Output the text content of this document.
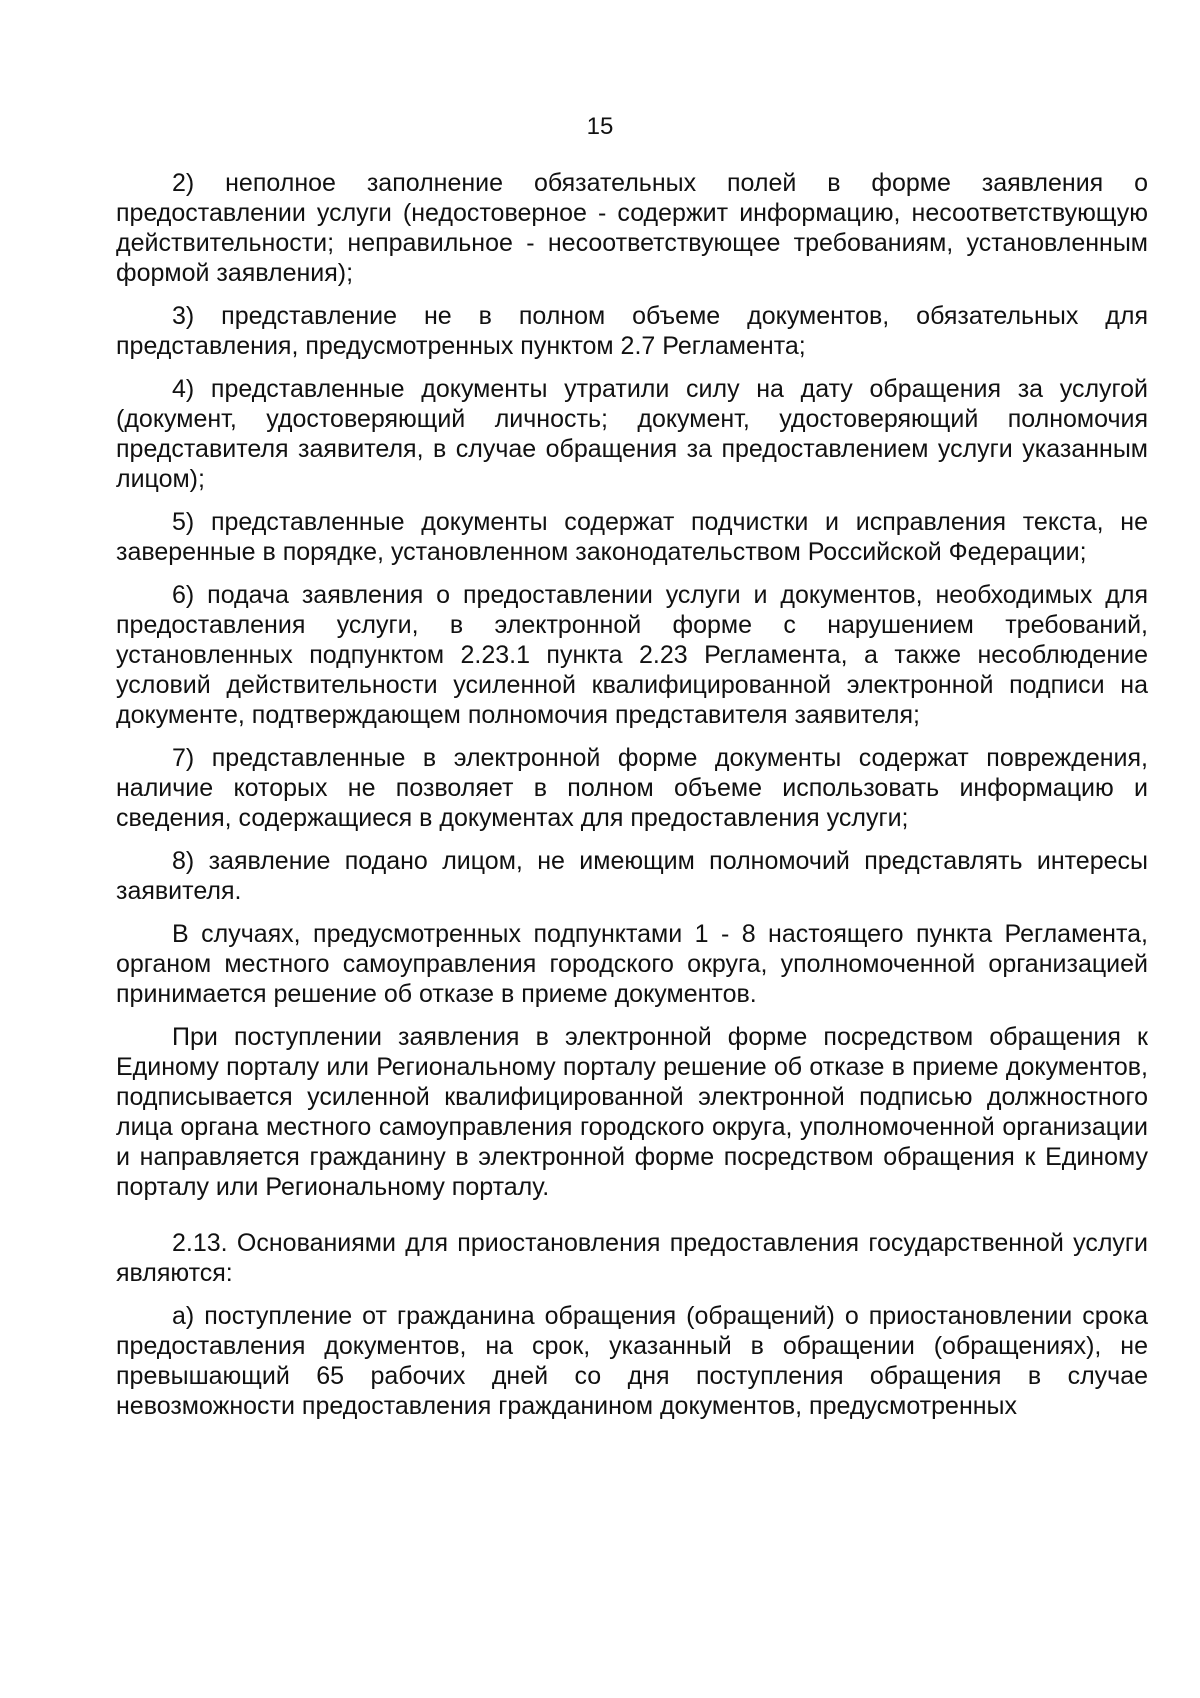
15

2) неполное заполнение обязательных полей в форме заявления о предоставлении услуги (недостоверное - содержит информацию, несоответствующую действительности; неправильное - несоответствующее требованиям, установленным формой заявления);

3) представление не в полном объеме документов, обязательных для представления, предусмотренных пунктом 2.7 Регламента;

4) представленные документы утратили силу на дату обращения за услугой (документ, удостоверяющий личность; документ, удостоверяющий полномочия представителя заявителя, в случае обращения за предоставлением услуги указанным лицом);

5) представленные документы содержат подчистки и исправления текста, не заверенные в порядке, установленном законодательством Российской Федерации;

6) подача заявления о предоставлении услуги и документов, необходимых для предоставления услуги, в электронной форме с нарушением требований, установленных подпунктом 2.23.1 пункта 2.23 Регламента, а также несоблюдение условий действительности усиленной квалифицированной электронной подписи на документе, подтверждающем полномочия представителя заявителя;

7) представленные в электронной форме документы содержат повреждения, наличие которых не позволяет в полном объеме использовать информацию и сведения, содержащиеся в документах для предоставления услуги;

8) заявление подано лицом, не имеющим полномочий представлять интересы заявителя.

В случаях, предусмотренных подпунктами 1 - 8 настоящего пункта Регламента, органом местного самоуправления городского округа, уполномоченной организацией принимается решение об отказе в приеме документов.

При поступлении заявления в электронной форме посредством обращения к Единому порталу или Региональному порталу решение об отказе в приеме документов, подписывается усиленной квалифицированной электронной подписью должностного лица органа местного самоуправления городского округа, уполномоченной организации и направляется гражданину в электронной форме посредством обращения к Единому порталу или Региональному порталу.

2.13. Основаниями для приостановления предоставления государственной услуги являются:

а) поступление от гражданина обращения (обращений) о приостановлении срока предоставления документов, на срок, указанный в обращении (обращениях), не превышающий 65 рабочих дней со дня поступления обращения в случае невозможности предоставления гражданином документов, предусмотренных
